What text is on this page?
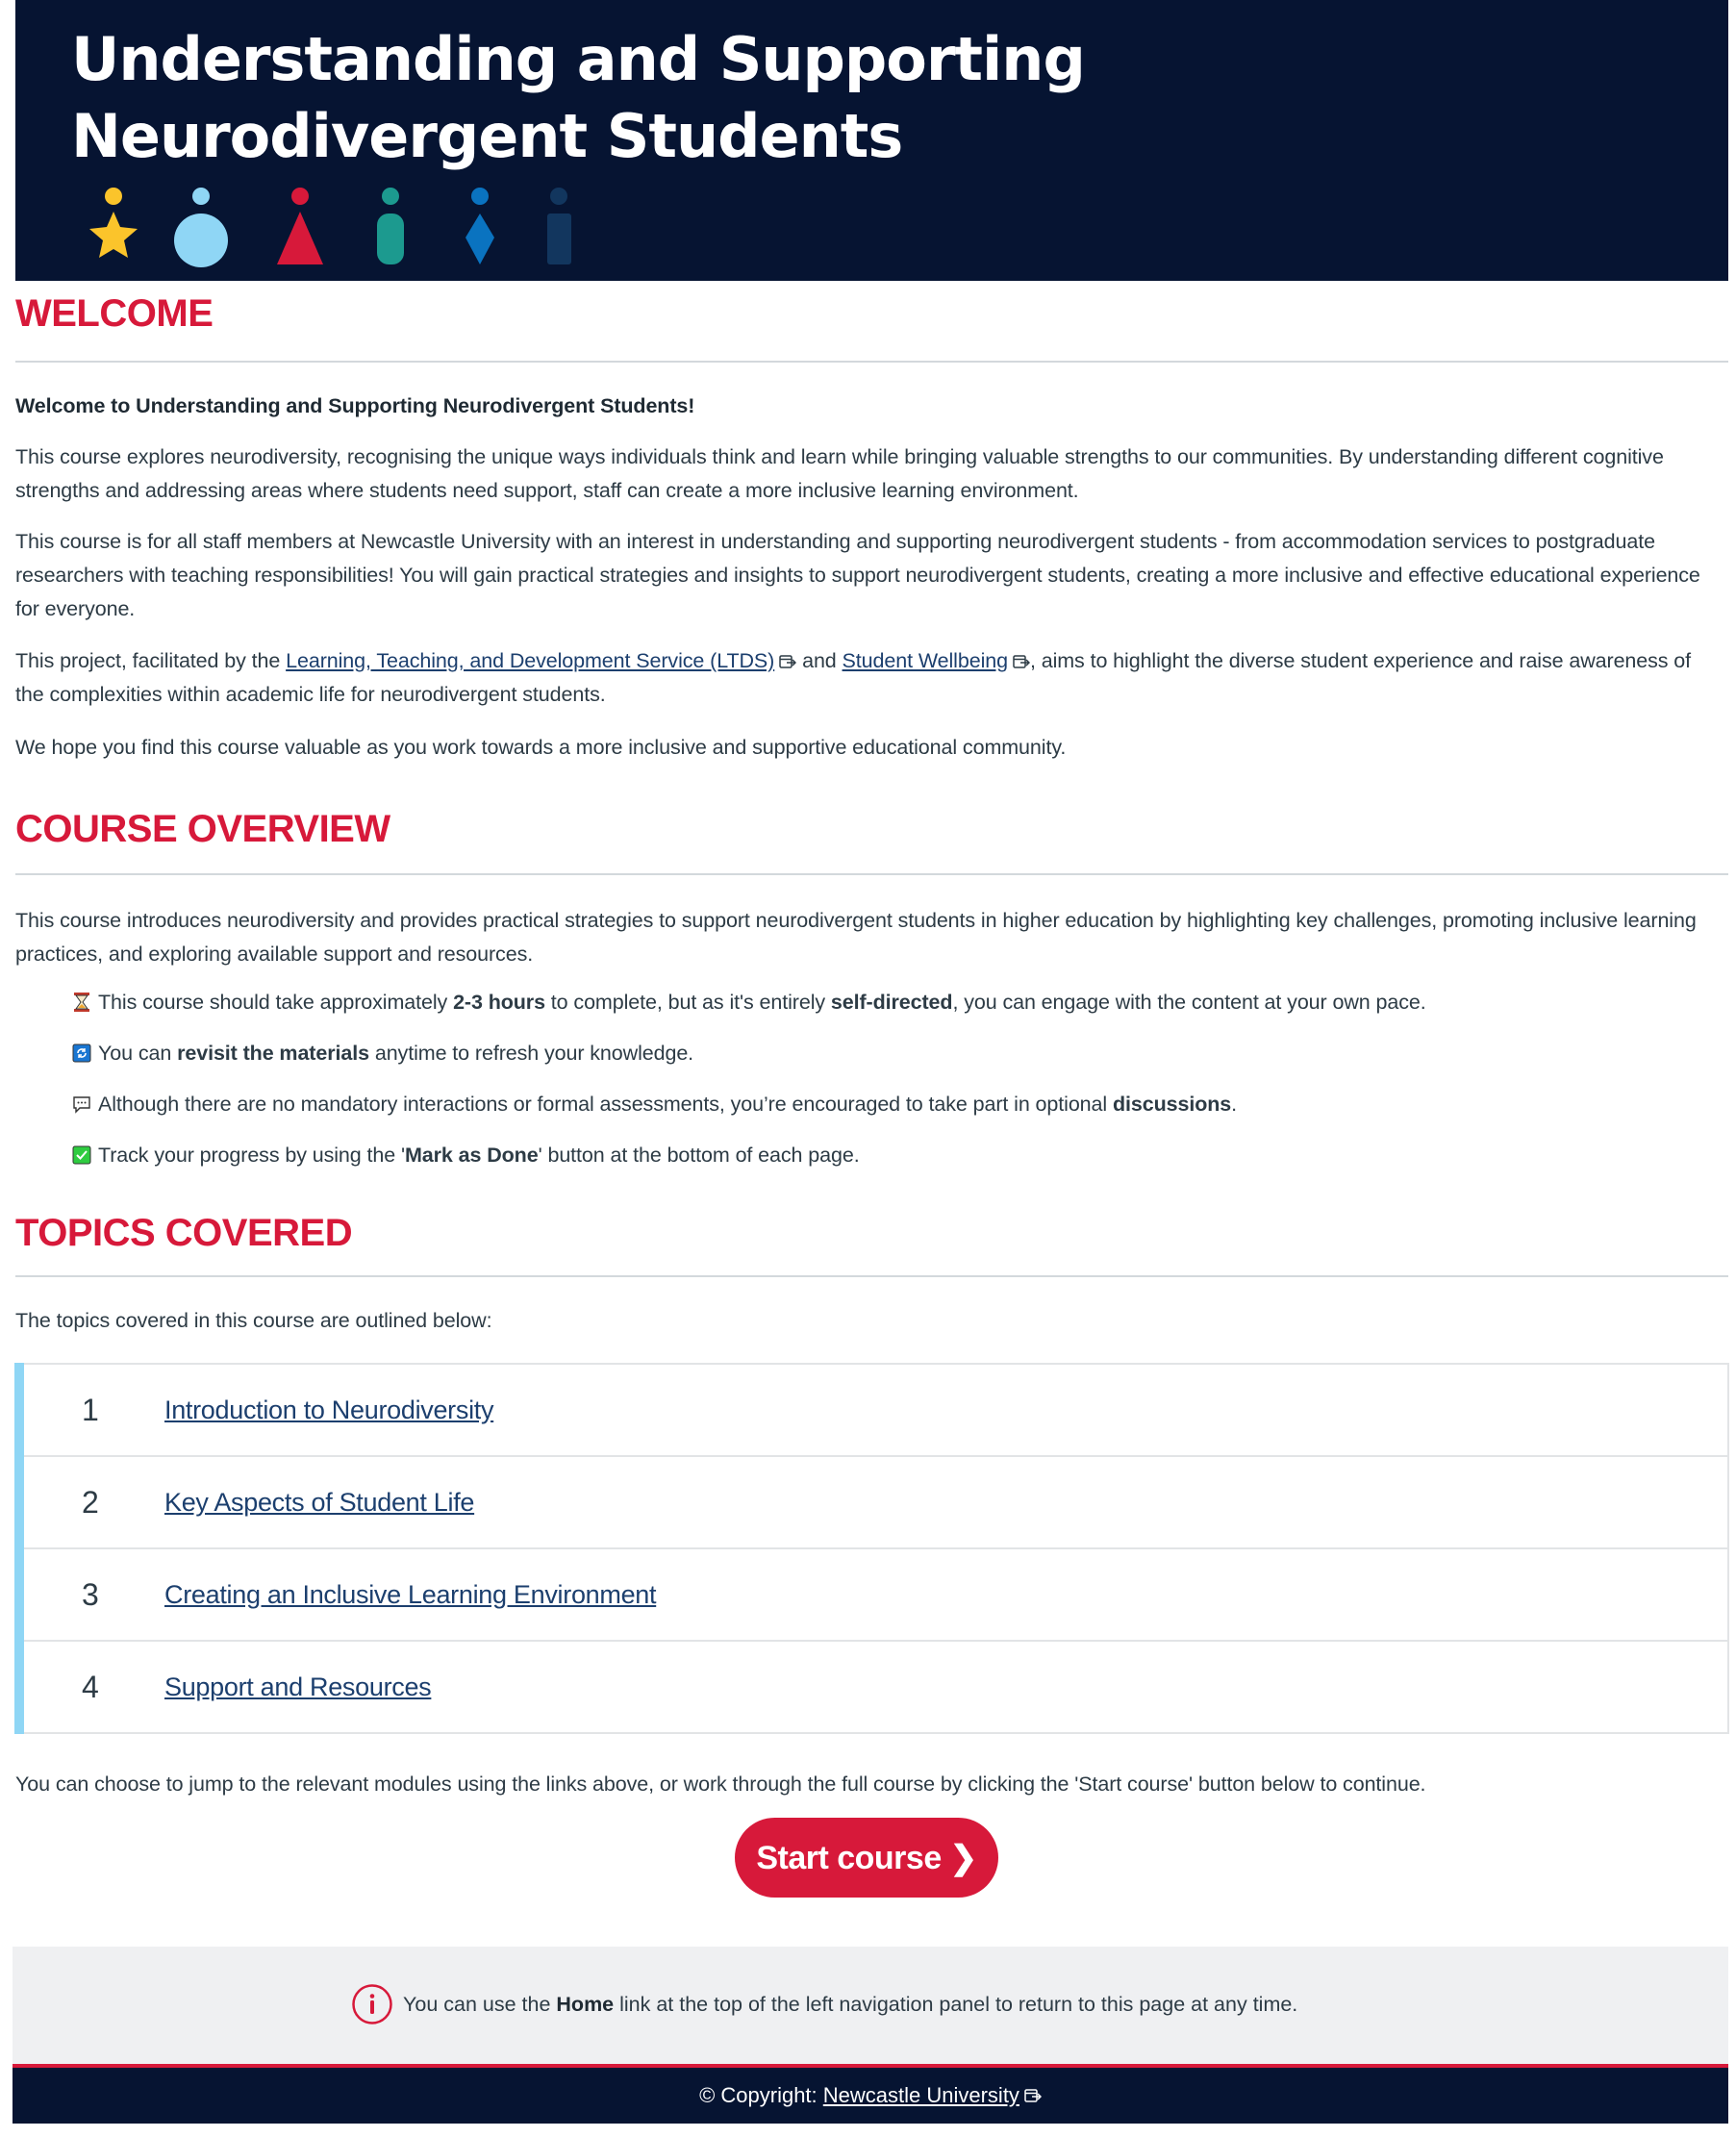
Understanding and Supporting
Neurodivergent Students
WELCOME

Welcome to Understanding and Supporting Neurodivergent Students!

This course explores neurodiversity, recognising the unique ways individuals think and learn while bringing valuable strengths to our communities. By understanding different cognitive strengths and addressing areas where students need support, staff can create a more inclusive learning environment.

This course is for all staff members at Newcastle University with an interest in understanding and supporting neurodivergent students - from accommodation services to postgraduate researchers with teaching responsibilities! You will gain practical strategies and insights to support neurodivergent students, creating a more inclusive and effective educational experience for everyone.

This project, facilitated by the Learning, Teaching, and Development Service (LTDS) and Student Wellbeing , aims to highlight the diverse student experience and raise awareness of the complexities within academic life for neurodivergent students.

We hope you find this course valuable as you work towards a more inclusive and supportive educational community.

COURSE OVERVIEW

This course introduces neurodiversity and provides practical strategies to support neurodivergent students in higher education by highlighting key challenges, promoting inclusive learning practices, and exploring available support and resources.

This course should take approximately 2-3 hours to complete, but as it's entirely self-directed, you can engage with the content at your own pace.
You can revisit the materials anytime to refresh your knowledge.
Although there are no mandatory interactions or formal assessments, you’re encouraged to take part in optional discussions.
Track your progress by using the 'Mark as Done' button at the bottom of each page.
TOPICS COVERED

The topics covered in this course are outlined below:

1	Introduction to Neurodiversity
2	Key Aspects of Student Life
3	Creating an Inclusive Learning Environment
4	Support and Resources

You can choose to jump to the relevant modules using the links above, or work through the full course by clicking the 'Start course' button below to continue.

Start course ❯
You can use the Home link at the top of the left navigation panel to return to this page at any time.
© Copyright: Newcastle University
